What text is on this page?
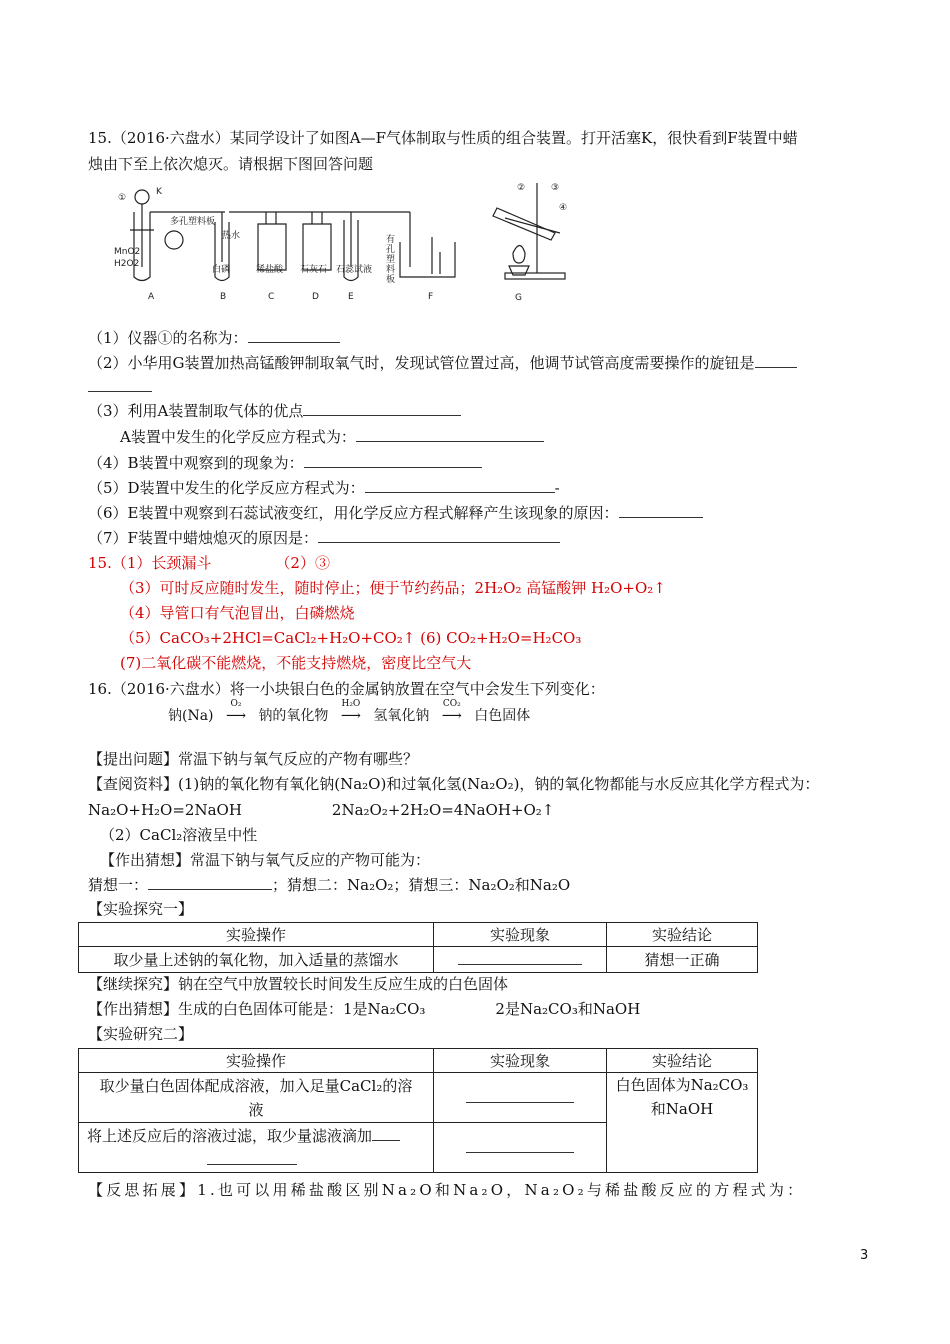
15.（2016·六盘水）某同学设计了如图A—F气体制取与性质的组合装置。打开活塞K，很快看到F装置中蜡
烛由下至上依次熄灭。请根据下图回答问题
①
K
多孔塑料板
热水
MnO2
H2O2
白磷	稀盐酸 石灰石 石蕊试液
有
孔
塑
料
板
A	B	C	D	E	F
②	③
④
G
（1）仪器①的名称为：
（2）小华用G装置加热高锰酸钾制取氧气时，发现试管位置过高，他调节试管高度需要操作的旋钮是
（3）利用A装置制取气体的优点
A装置中发生的化学反应方程式为：
（4）B装置中观察到的现象为：
（5）D装置中发生的化学反应方程式为：	-
（6）E装置中观察到石蕊试液变红，用化学反应方程式解释产生该现象的原因：
（7）F装置中蜡烛熄灭的原因是：
15.（1）长颈漏斗	（2）③
（3）可时反应随时发生，随时停止；便于节约药品；2H₂O₂ 高锰酸钾 H₂O+O₂↑
（4）导管口有气泡冒出，白磷燃烧
（5）CaCO₃+2HCl=CaCl₂+H₂O+CO₂↑ (6) CO₂+H₂O=H₂CO₃
(7)二氧化碳不能燃烧，不能支持燃烧，密度比空气大
16.（2016·六盘水）将一小块银白色的金属钠放置在空气中会发生下列变化：
钠(Na)
O₂
⟶ 钠的氧化物
H₂O
⟶ 氢氧化钠
CO₂
⟶ 白色固体
【提出问题】常温下钠与氧气反应的产物有哪些？
【查阅资料】(1)钠的氧化物有氧化钠(Na₂O)和过氧化氢(Na₂O₂)，钠的氧化物都能与水反应其化学方程式为：
Na₂O+H₂O=2NaOH	2Na₂O₂+2H₂O=4NaOH+O₂↑
（2）CaCl₂溶液呈中性
【作出猜想】常温下钠与氧气反应的产物可能为：
猜想一：	；猜想二：Na₂O₂；猜想三：Na₂O₂和Na₂O
【实验探究一】
实验操作	实验现象	实验结论
取少量上述钠的氧化物，加入适量的蒸馏水		猜想一正确
【继续探究】钠在空气中放置较长时间发生反应生成的白色固体
【作出猜想】生成的白色固体可能是：1是Na₂CO₃	2是Na₂CO₃和NaOH
【实验研究二】
实验操作	实验现象	实验结论
取少量白色固体配成溶液，加入足量CaCl₂的溶
液		白色固体为Na₂CO₃
和NaOH
将上述反应后的溶液过滤，取少量滤液滴加	

【反思拓展】1.也可以用稀盐酸区别Na₂O和Na₂O，Na₂O₂与稀盐酸反应的方程式为：
3
